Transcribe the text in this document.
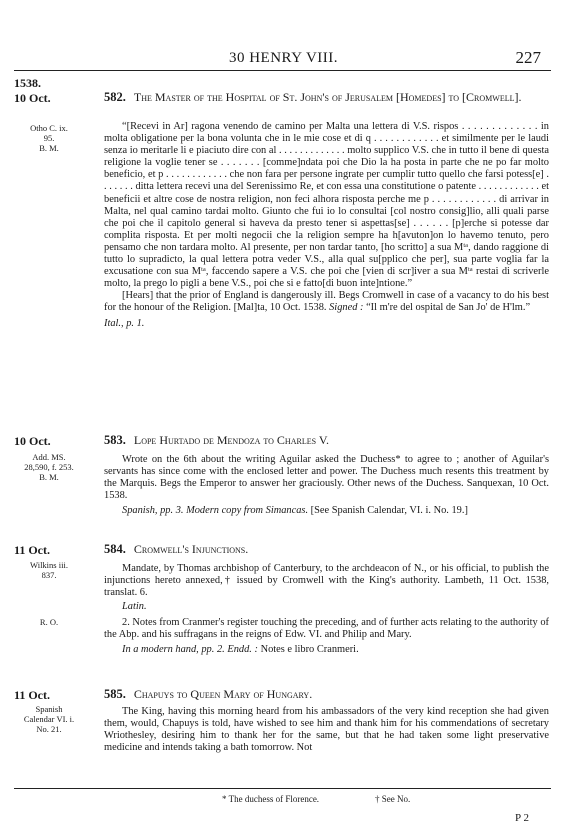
30 HENRY VIII.	227
1538.
10 Oct.	582. The Master of the Hospital of St. John's of Jerusalem [Homedes] to [Cromwell].
Otho C. ix.
95.
B. M.

“[Recevi in Ar] ragona venendo de camino per Malta una lettera di V.S. rispos . . . . . . . . . . . . . in molta obligatione per la bona volunta che in le mie cose et di q . . . . . . . . . . . . et similmente per le laudi senza io meritarle li e piaciuto dire con al . . . . . . . . . . . . . molto supplico V.S. che in tutto il bene di questa religione la voglie tener se . . . . . . . [comme]ndata poi che Dio la ha posta in parte che ne po far molto beneficio, et p . . . . . . . . . . . . che non fara per persone ingrate per cumplir tutto quello che farsi potess[e] . . . . . . . ditta lettera recevi una del Serenissimo Re, et con essa una constitutione o patente . . . . . . . . . . . . et beneficii et altre cose de nostra religion, non feci alhora risposta perche me p . . . . . . . . . . . . di arrivar in Malta, nel qual camino tardai molto. Giunto che fui io lo consultai [col nostro consig]lio, alli quali parse che poi che il capitolo general si haveva da presto tener si aspettas[se] . . . . . . [p]erche si potesse dar complita risposta. Et per molti negocii che la religion sempre ha h[avuton]on lo havemo tenuto, pero pensamo che non tardara molto. Al presente, per non tardar tanto, [ho scritto] a sua Mᵗᵃ, dando raggione di tutto lo supradicto, la qual lettera potra veder V.S., alla qual su[pplico che per], sua parte voglia far la excusatione con sua Mᵗᵃ, faccendo sapere a V.S. che poi che [vien di scr]iver a sua Mᵗᵃ restai di scriverle molto, la prego lo pigli a bene V.S., poi che si e fatto[di buon inte]ntione.”

[Hears] that the prior of England is dangerously ill. Begs Cromwell in case of a vacancy to do his best for the honour of the Religion. [Mal]ta, 10 Oct. 1538. Signed : “Il m're del ospital de San Jo' de H'lm.”

Ital., p. 1.

10 Oct.	583. Lope Hurtado de Mendoza to Charles V.
Add. MS.
28,590, f. 253.
B. M.

Wrote on the 6th about the writing Aguilar asked the Duchess* to agree to ; another of Aguilar's servants has since come with the enclosed letter and power. The Duchess much resents this treatment by the Marquis. Begs the Emperor to answer her graciously. Other news of the Duchess. Sanquexan, 10 Oct. 1538.

Spanish, pp. 3. Modern copy from Simancas. [See Spanish Calendar, VI. i. No. 19.]

11 Oct.	584. Cromwell's Injunctions.
Wilkins iii.
837.

Mandate, by Thomas archbishop of Canterbury, to the archdeacon of N., or his official, to publish the injunctions hereto annexed,† issued by Cromwell with the King's authority. Lambeth, 11 Oct. 1538, translat. 6.

Latin.

R. O.	2. Notes from Cranmer's register touching the preceding, and of further acts relating to the authority of the Abp. and his suffragans in the reigns of Edw. VI. and Philip and Mary.

In a modern hand, pp. 2. Endd. : Notes e libro Cranmeri.

11 Oct.	585. Chapuys to Queen Mary of Hungary.
Spanish
Calendar VI. i.
No. 21.

The King, having this morning heard from his ambassadors of the very kind reception she had given them, would, Chapuys is told, have wished to see him and thank him for his commendations of secretary Wriothesley, desiring him to thank her for the same, but that he had taken some light preservative medicine and intends taking a bath tomorrow. Not

* The duchess of Florence.	† See No.
P 2
